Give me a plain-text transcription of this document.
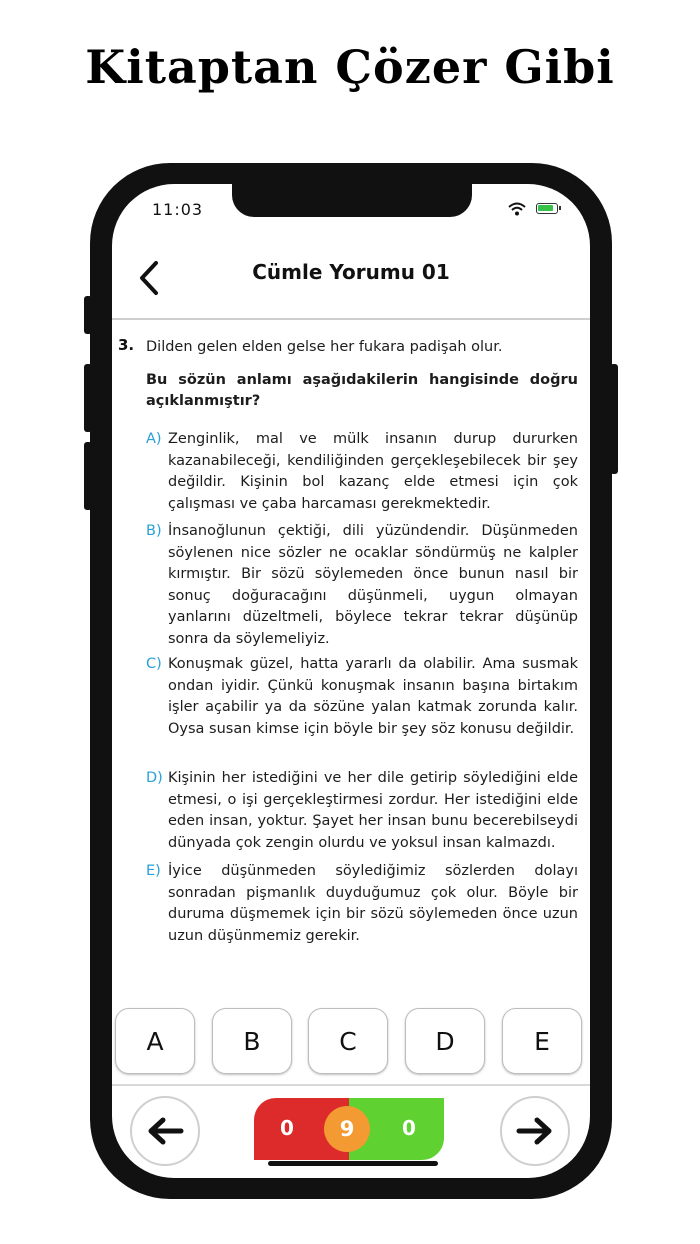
Kitaptan Çözer Gibi
11:03
Cümle Yorumu 01
3. Dilden gelen elden gelse her fukara padişah olur.
Bu sözün anlamı aşağıdakilerin hangisinde doğru açıklanmıştır?
A) Zenginlik, mal ve mülk insanın durup dururken kazanabileceği, kendiliğinden gerçekleşebilecek bir şey değildir. Kişinin bol kazanç elde etmesi için çok çalışması ve çaba harcaması gerekmektedir.
B) İnsanoğlunun çektiği, dili yüzündendir. Düşünmeden söylenen nice sözler ne ocaklar söndürmüş ne kalpler kırmıştır. Bir sözü söylemeden önce bunun nasıl bir sonuç doğuracağını düşünmeli, uygun olmayan yanlarını düzeltmeli, böylece tekrar tekrar düşünüp sonra da söylemeliyiz.
C) Konuşmak güzel, hatta yararlı da olabilir. Ama susmak ondan iyidir. Çünkü konuşmak insanın başına birtakım işler açabilir ya da sözüne yalan katmak zorunda kalır. Oysa susan kimse için böyle bir şey söz konusu değildir.
D) Kişinin her istediğini ve her dile getirip söylediğini elde etmesi, o işi gerçekleştirmesi zordur. Her istediğini elde eden insan, yoktur. Şayet her insan bunu becerebilseydi dünyada çok zengin olurdu ve yoksul insan kalmazdı.
E) İyice düşünmeden söylediğimiz sözlerden dolayı sonradan pişmanlık duyduğumuz çok olur. Böyle bir duruma düşmemek için bir sözü söylemeden önce uzun uzun düşünmemiz gerekir.
A	B	C	D	E
0	0
9
